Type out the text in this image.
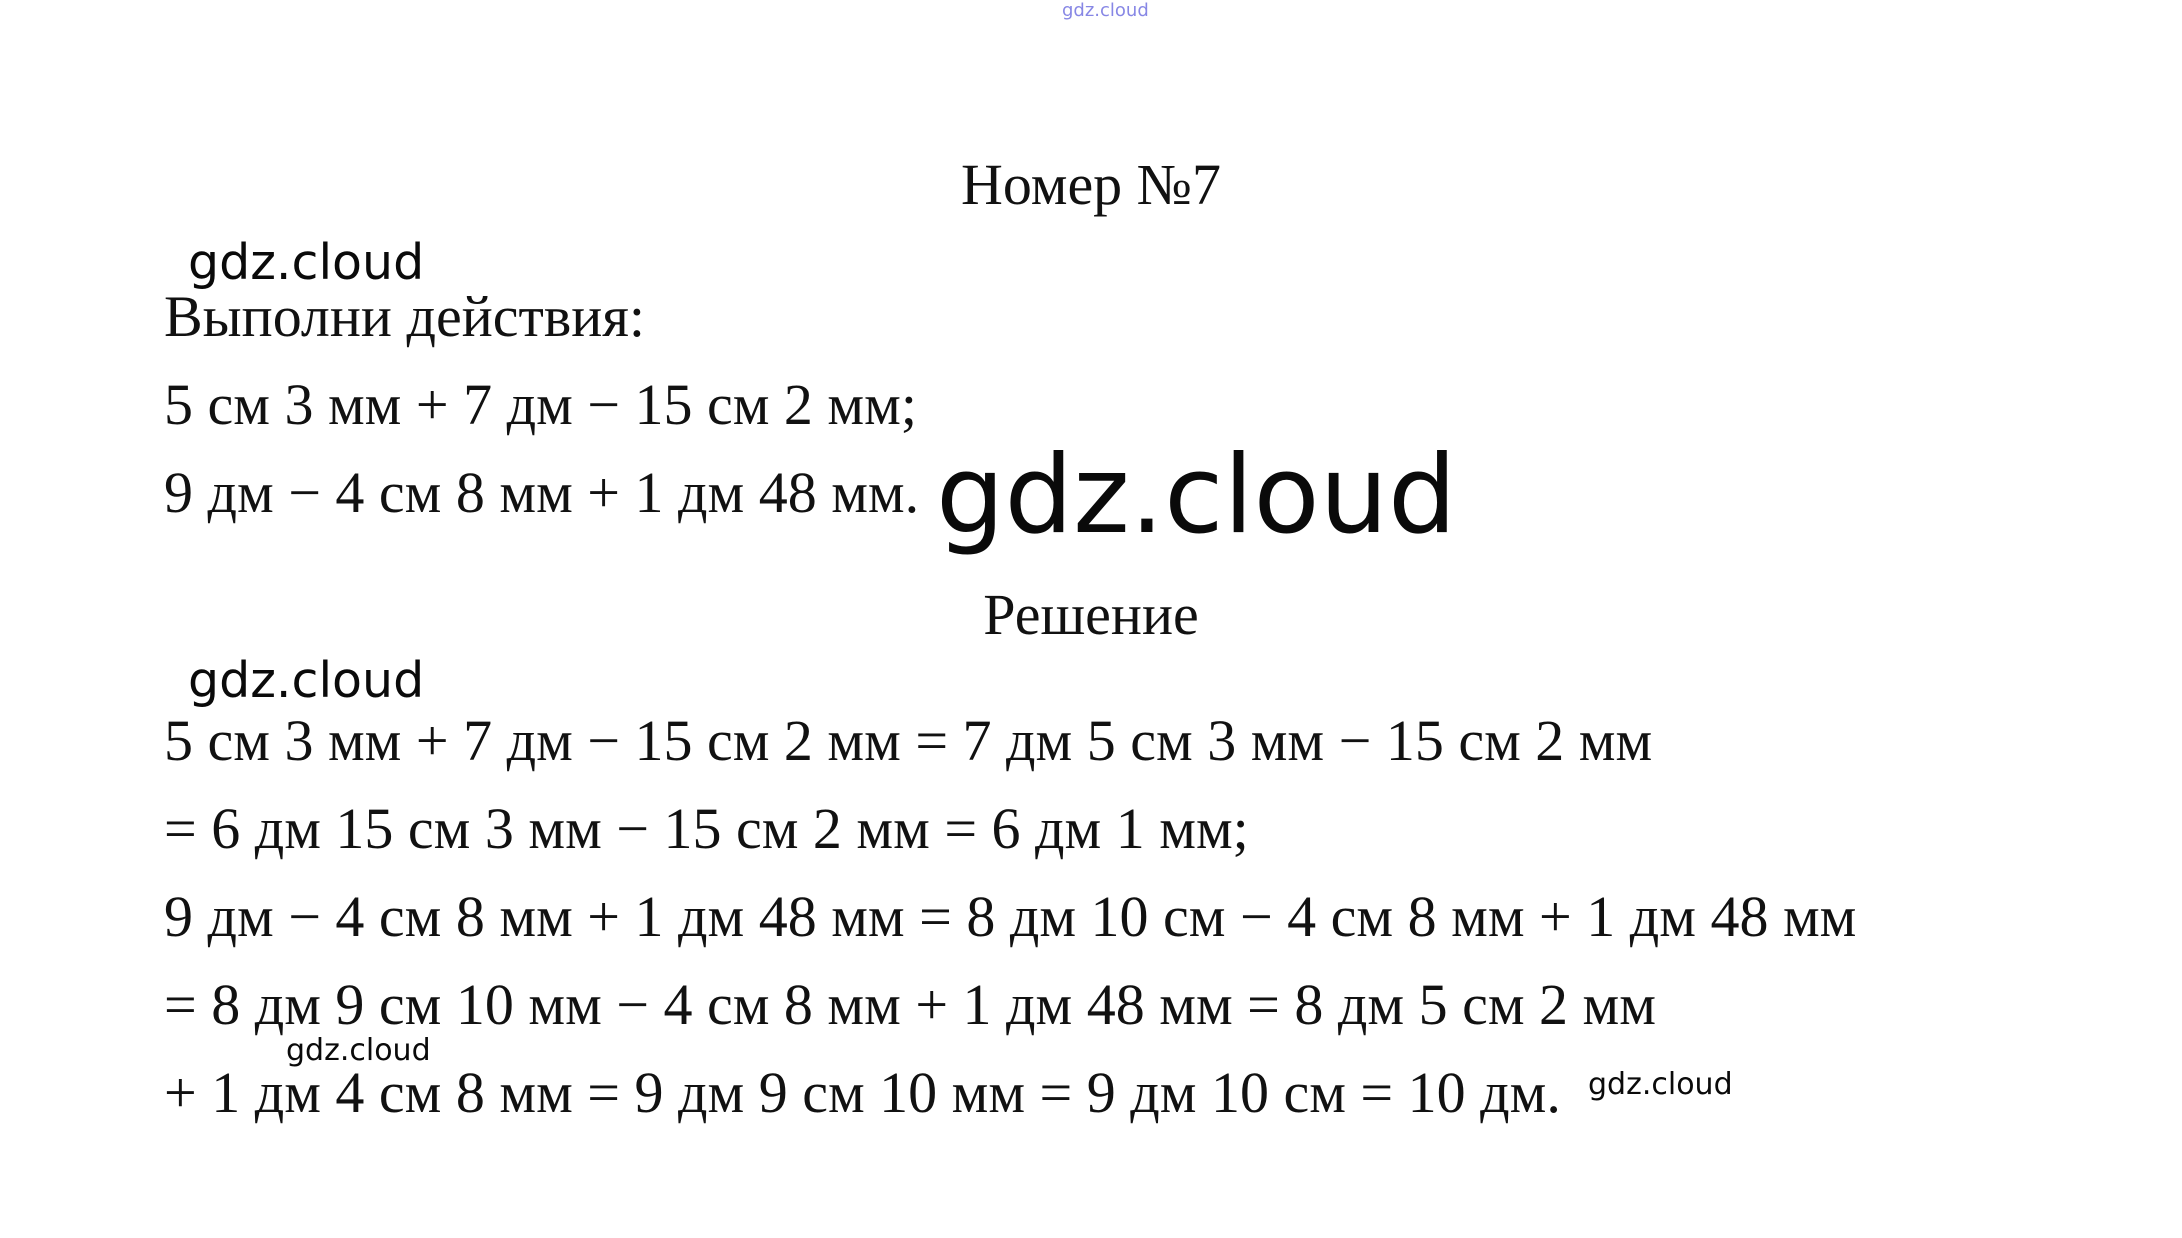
gdz.cloud
Номер №7
gdz.cloud
Выполни действия:
5 см 3 мм + 7 дм − 15 см 2 мм;
9 дм − 4 см 8 мм + 1 дм 48 мм. gdz.cloud
Решение
gdz.cloud
5 см 3 мм + 7 дм − 15 см 2 мм = 7 дм 5 см 3 мм − 15 см 2 мм
= 6 дм 15 см 3 мм − 15 см 2 мм = 6 дм 1 мм;
9 дм − 4 см 8 мм + 1 дм 48 мм = 8 дм 10 см − 4 см 8 мм + 1 дм 48 мм
= 8 дм 9 см 10 мм − 4 см 8 мм + 1 дм 48 мм = 8 дм 5 см 2 мм
gdz.cloud
+ 1 дм 4 см 8 мм = 9 дм 9 см 10 мм = 9 дм 10 см = 10 дм. gdz.cloud
